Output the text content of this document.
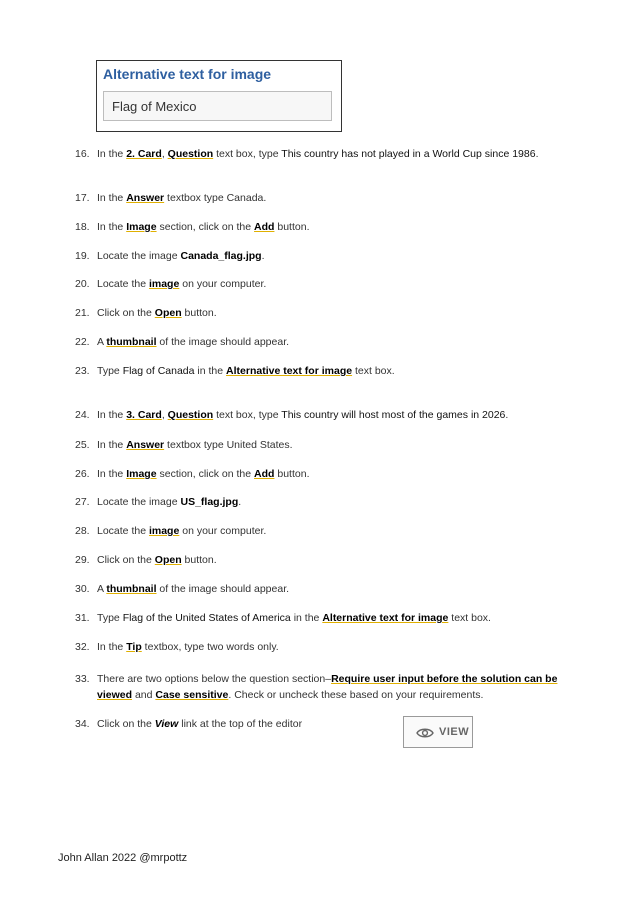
Alternative text for image
Flag of Mexico
16. In the 2. Card, Question text box, type This country has not played in a World Cup since 1986.
17. In the Answer textbox type Canada.
18. In the Image section, click on the Add button.
19. Locate the image Canada_flag.jpg.
20. Locate the image on your computer.
21. Click on the Open button.
22. A thumbnail of the image should appear.
23. Type Flag of Canada in the Alternative text for image text box.
24. In the 3. Card, Question text box, type This country will host most of the games in 2026.
25. In the Answer textbox type United States.
26. In the Image section, click on the Add button.
27. Locate the image US_flag.jpg.
28. Locate the image on your computer.
29. Click on the Open button.
30. A thumbnail of the image should appear.
31. Type Flag of the United States of America in the Alternative text for image text box.
32. In the Tip textbox, type two words only.
33. There are two options below the question section–Require user input before the solution can be
viewed and Case sensitive. Check or uncheck these based on your requirements.
34. Click on the View link at the top of the editor
VIEW
John Allan 2022 @mrpottz
